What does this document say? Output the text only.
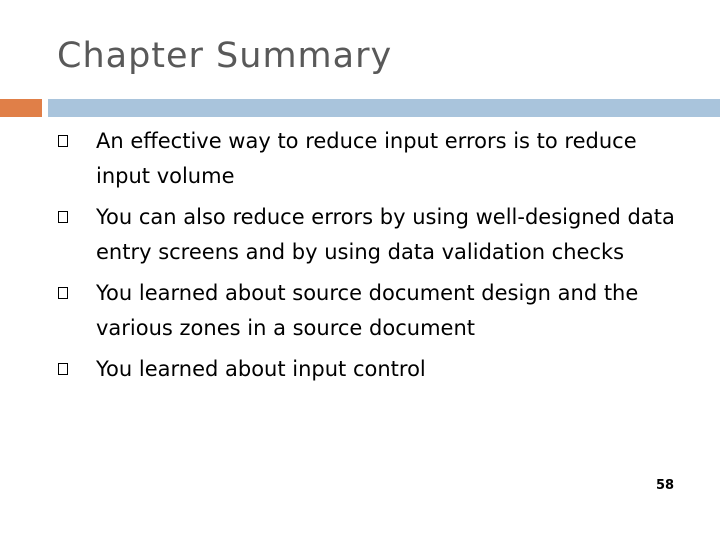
Chapter Summary
An effective way to reduce input errors is to reduce input volume
You can also reduce errors by using well-designed data entry screens and by using data validation checks
You learned about source document design and the various zones in a source document
You learned about input control
58
